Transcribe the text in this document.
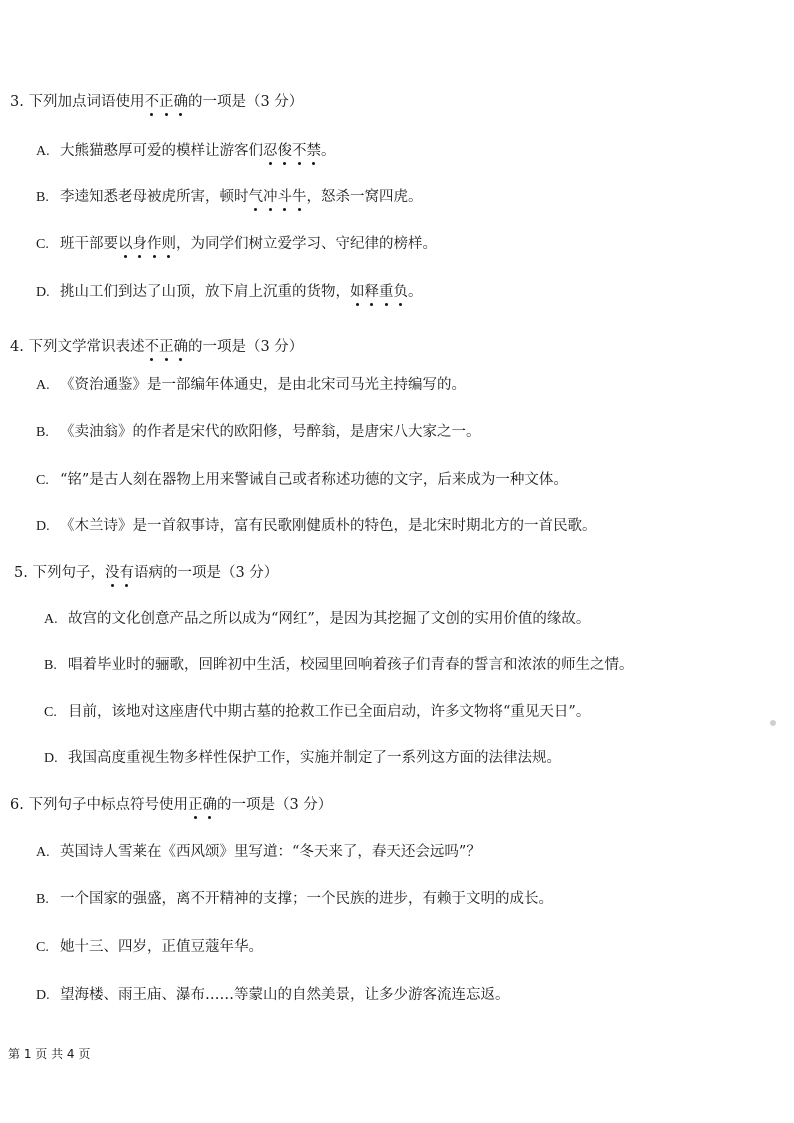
3. 下列加点词语使用不正确的一项是（3 分）
A. 大熊猫憨厚可爱的模样让游客们忍俊不禁。
B. 李逵知悉老母被虎所害，顿时气冲斗牛，怒杀一窝四虎。
C. 班干部要以身作则，为同学们树立爱学习、守纪律的榜样。
D. 挑山工们到达了山顶，放下肩上沉重的货物，如释重负。
4. 下列文学常识表述不正确的一项是（3 分）
A. 《资治通鉴》是一部编年体通史，是由北宋司马光主持编写的。
B. 《卖油翁》的作者是宋代的欧阳修，号醉翁，是唐宋八大家之一。
C. “铭”是古人刻在器物上用来警诫自己或者称述功德的文字，后来成为一种文体。
D. 《木兰诗》是一首叙事诗，富有民歌刚健质朴的特色，是北宋时期北方的一首民歌。
5. 下列句子，没有语病的一项是（3 分）
A. 故宫的文化创意产品之所以成为“网红”，是因为其挖掘了文创的实用价值的缘故。
B. 唱着毕业时的骊歌，回眸初中生活，校园里回响着孩子们青春的誓言和浓浓的师生之情。
C. 目前，该地对这座唐代中期古墓的抢救工作已全面启动，许多文物将“重见天日”。
D. 我国高度重视生物多样性保护工作，实施并制定了一系列这方面的法律法规。
6. 下列句子中标点符号使用正确的一项是（3 分）
A. 英国诗人雪莱在《西风颂》里写道：“冬天来了，春天还会远吗”？
B. 一个国家的强盛，离不开精神的支撑；一个民族的进步，有赖于文明的成长。
C. 她十三、四岁，正值豆蔻年华。
D. 望海楼、雨王庙、瀑布……等蒙山的自然美景，让多少游客流连忘返。
第 1 页 共 4 页
